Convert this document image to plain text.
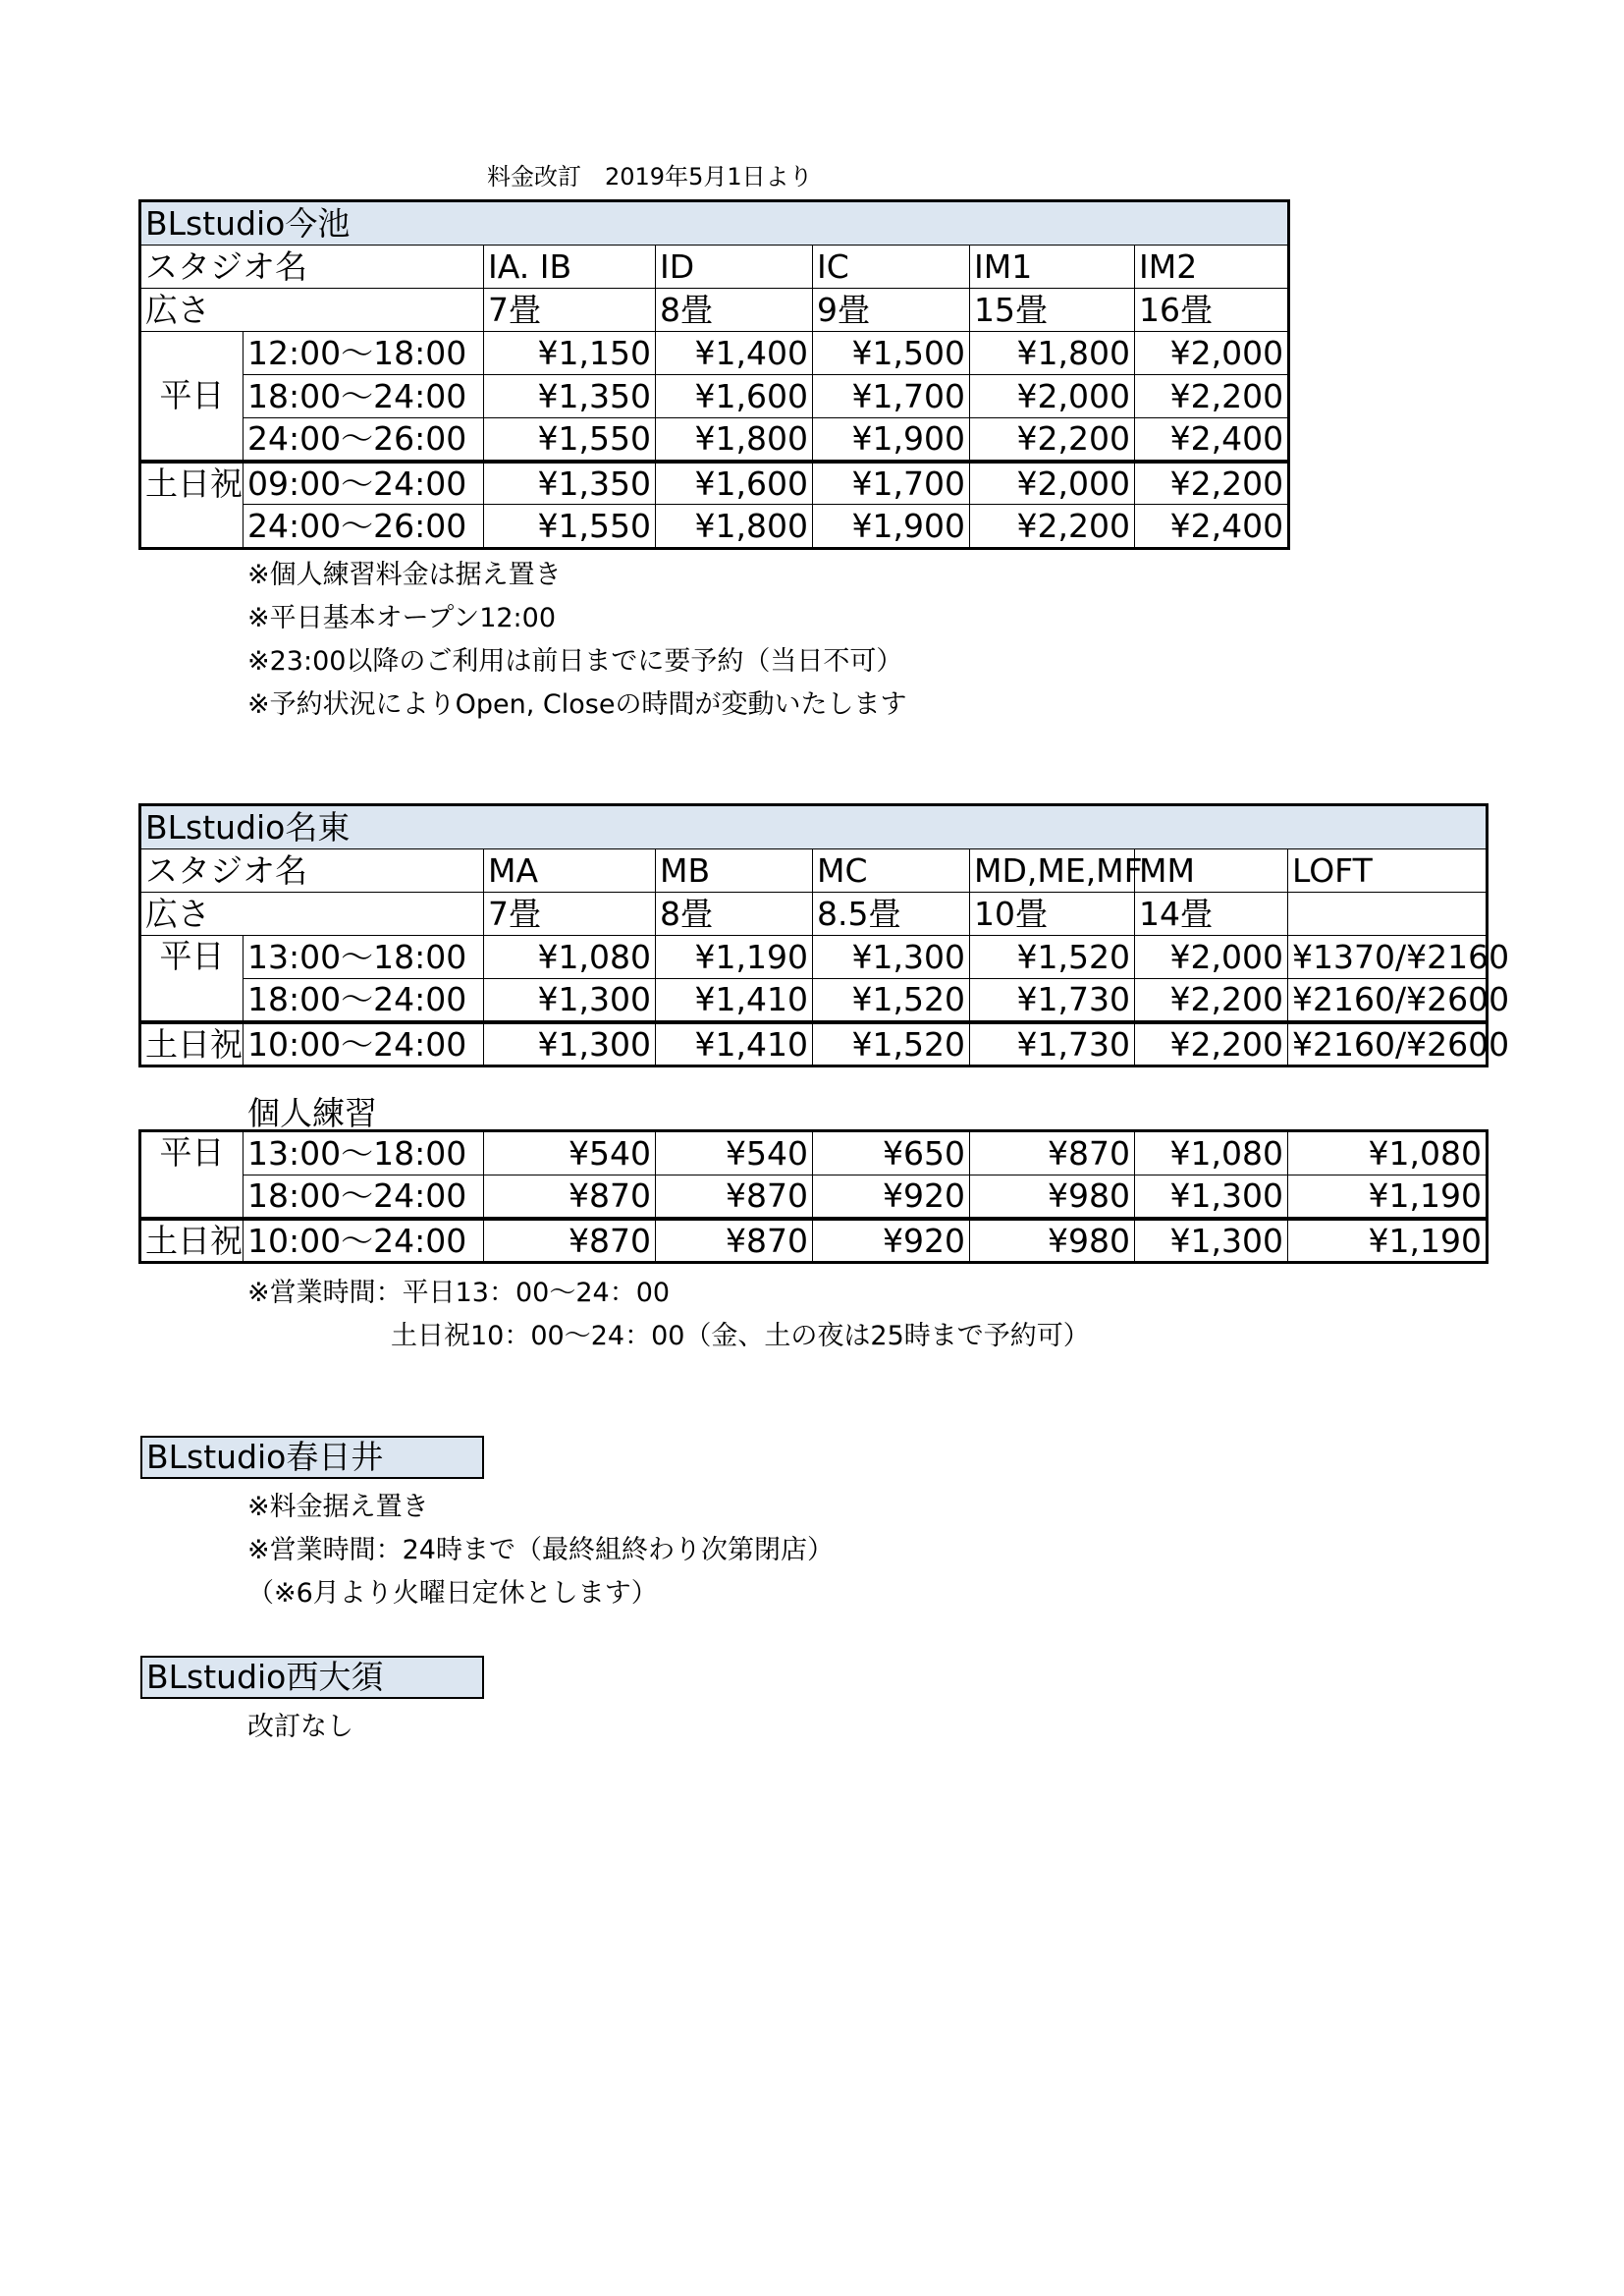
料金改訂　2019年5月1日より
BLstudio今池						
スタジオ名		IA. IB	ID	IC	IM1	IM2
広さ		7畳	8畳	9畳	15畳	16畳
平日	12:00〜18:00	¥1,150	¥1,400	¥1,500	¥1,800	¥2,000
	18:00〜24:00	¥1,350	¥1,600	¥1,700	¥2,000	¥2,200
	24:00〜26:00	¥1,550	¥1,800	¥1,900	¥2,200	¥2,400
土日祝	09:00〜24:00	¥1,350	¥1,600	¥1,700	¥2,000	¥2,200
	24:00〜26:00	¥1,550	¥1,800	¥1,900	¥2,200	¥2,400
※個人練習料金は据え置き
※平日基本オープン12:00
※23:00以降のご利用は前日までに要予約（当日不可）
※予約状況によりOpen, Closeの時間が変動いたします
BLstudio名東							
スタジオ名		MA	MB	MC	MD,ME,MF	MM	LOFT
広さ		7畳	8畳	8.5畳	10畳	14畳	
平日	13:00〜18:00	¥1,080	¥1,190	¥1,300	¥1,520	¥2,000	¥1370/¥2160
	18:00〜24:00	¥1,300	¥1,410	¥1,520	¥1,730	¥2,200	¥2160/¥2600
土日祝	10:00〜24:00	¥1,300	¥1,410	¥1,520	¥1,730	¥2,200	¥2160/¥2600
個人練習
平日	13:00〜18:00	¥540	¥540	¥650	¥870	¥1,080	¥1,080
	18:00〜24:00	¥870	¥870	¥920	¥980	¥1,300	¥1,190
土日祝	10:00〜24:00	¥870	¥870	¥920	¥980	¥1,300	¥1,190
※営業時間：平日13：00〜24：00
土日祝10：00〜24：00（金、土の夜は25時まで予約可）
BLstudio春日井
※料金据え置き
※営業時間：24時まで（最終組終わり次第閉店）
（※6月より火曜日定休とします）
BLstudio西大須
改訂なし
